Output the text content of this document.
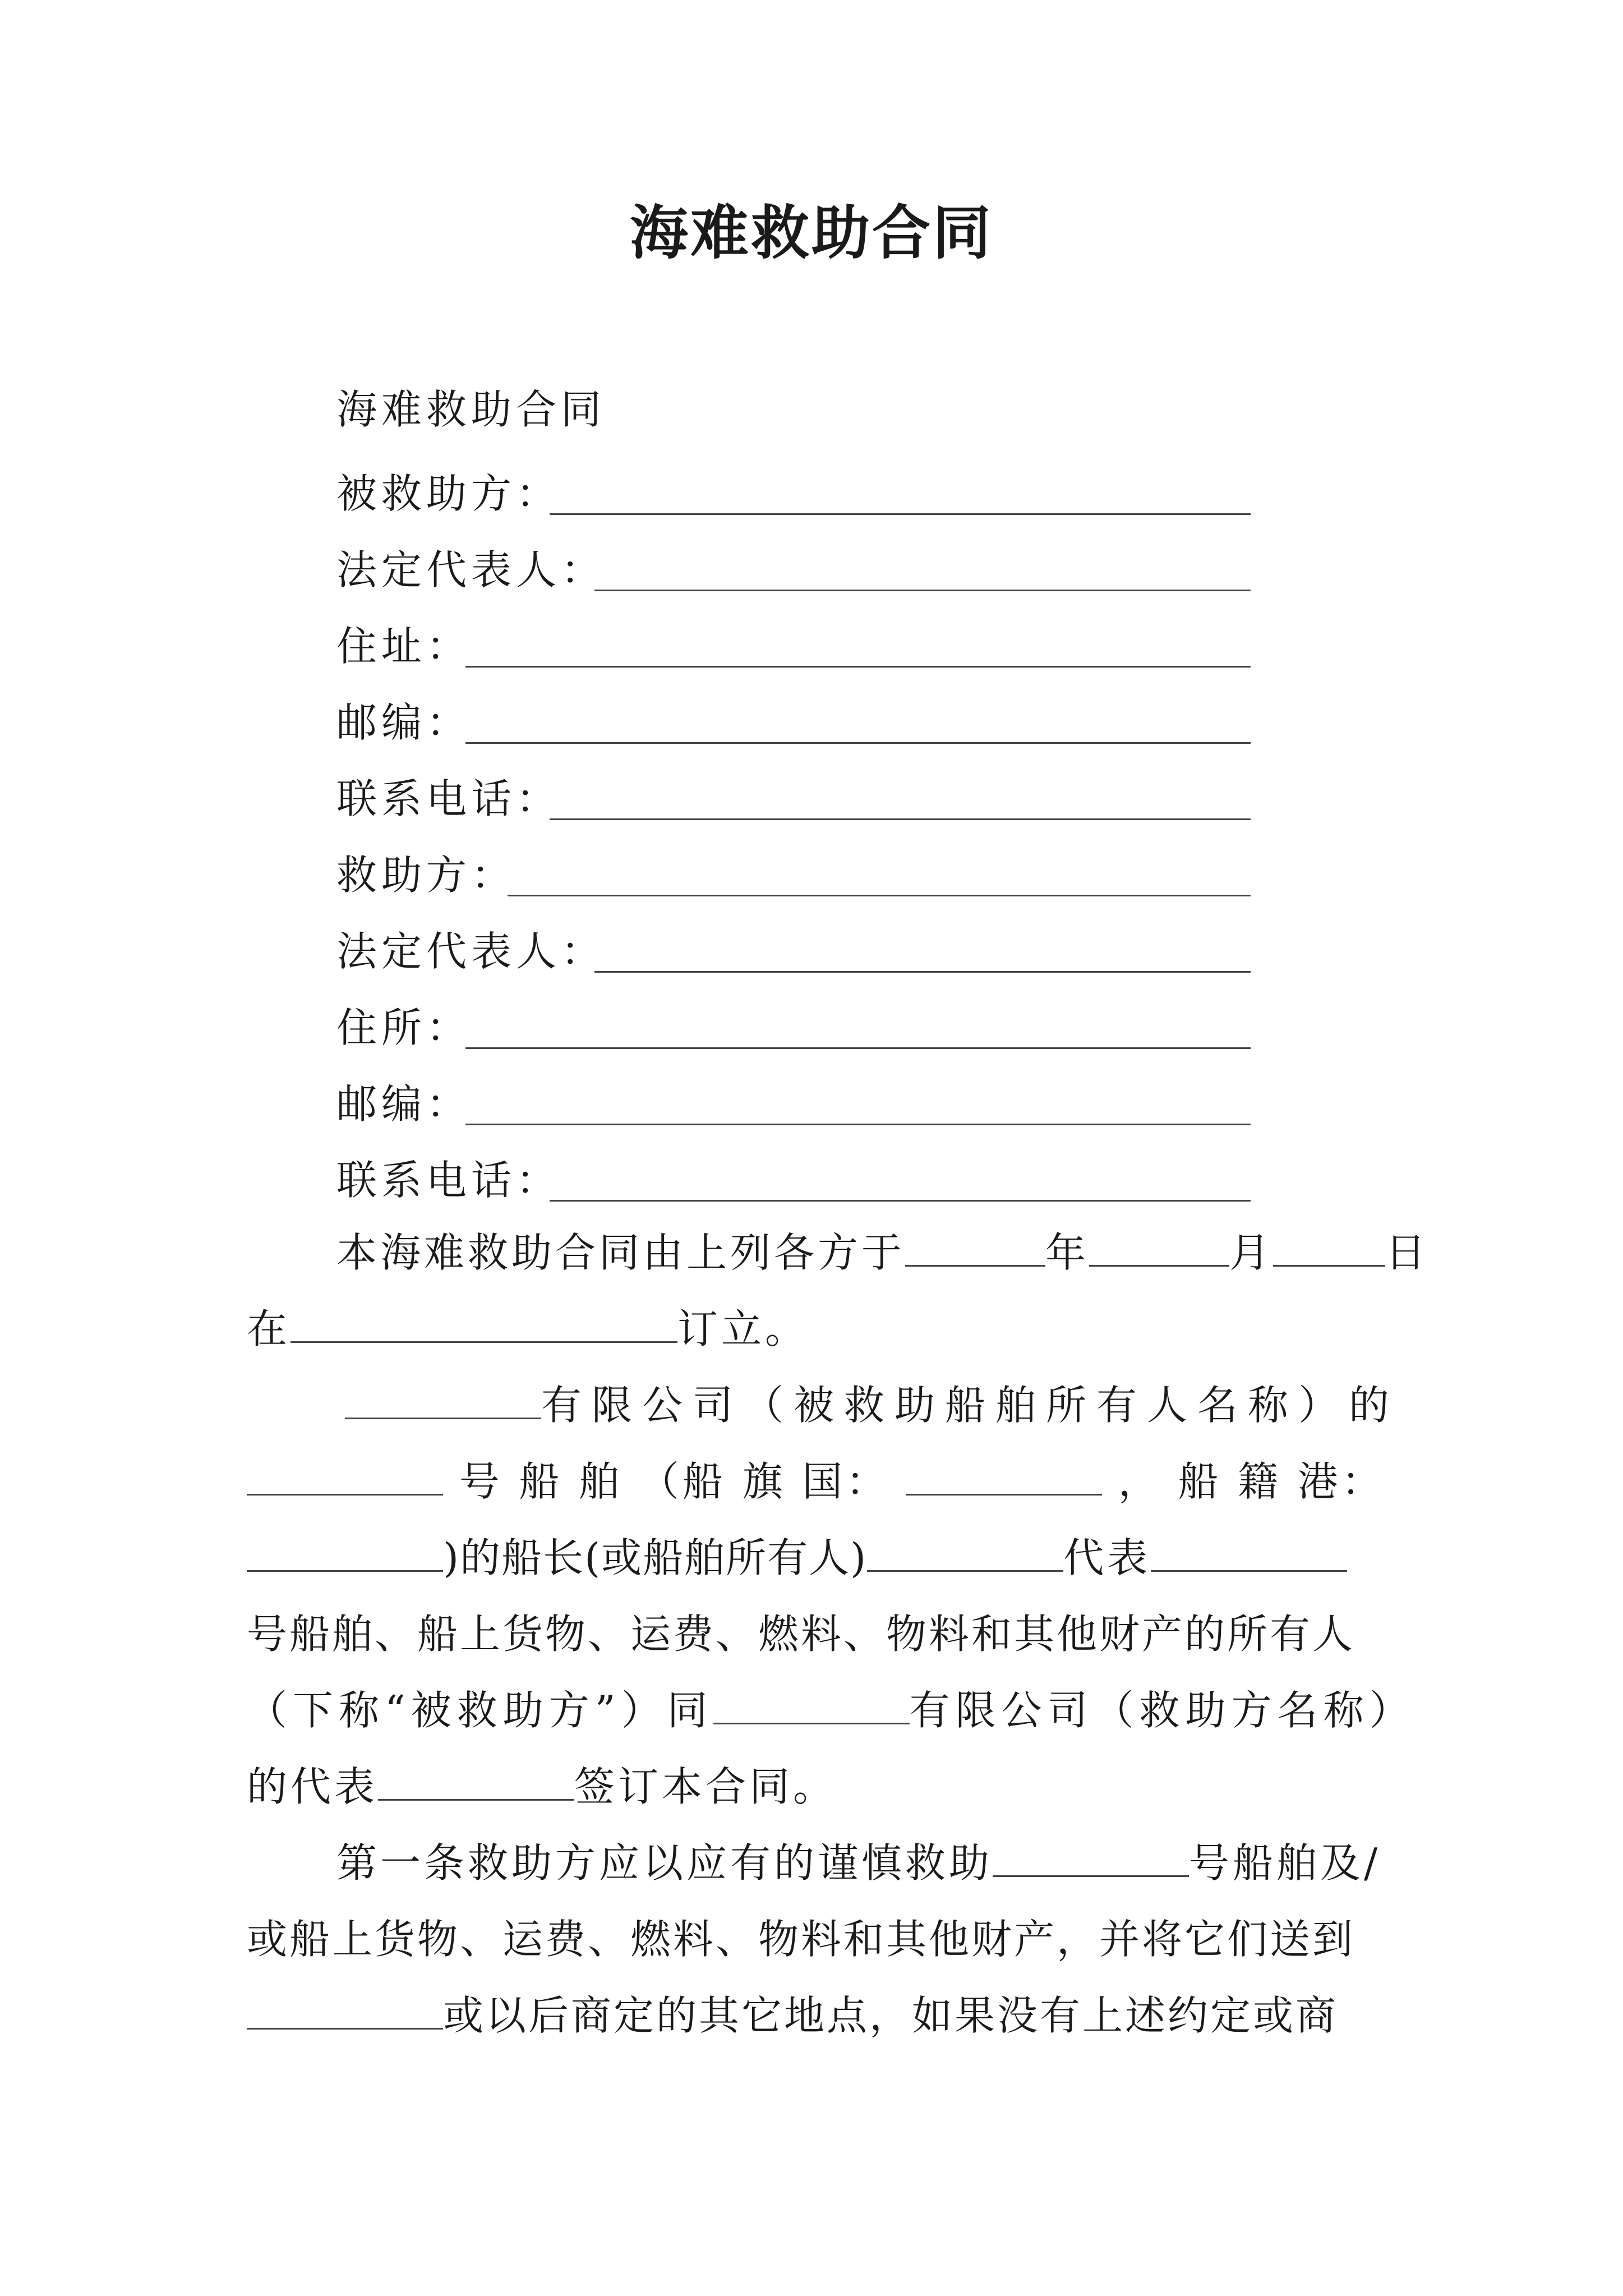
海难救助合同
海难救助合同
被救助方：
法定代表人：
住址：
邮编：
联系电话：
救助方：
法定代表人：
住所：
邮编：
联系电话：
本海难救助合同由上列各方于	年	月	日
在	订立。
有限公司（被救助船舶所有人名称）的
号 船 舶 （船 旗 国：	， 船 籍 港：
)的船长(或船舶所有人)	代表
号船舶、船上货物、运费、燃料、物料和其他财产的所有人
（下称“被救助方”）同	有限公司（救助方名称）
的代表	签订本合同。
第一条救助方应以应有的谨慎救助	号船舶及/
或船上货物、运费、燃料、物料和其他财产，并将它们送到
或以后商定的其它地点，如果没有上述约定或商
